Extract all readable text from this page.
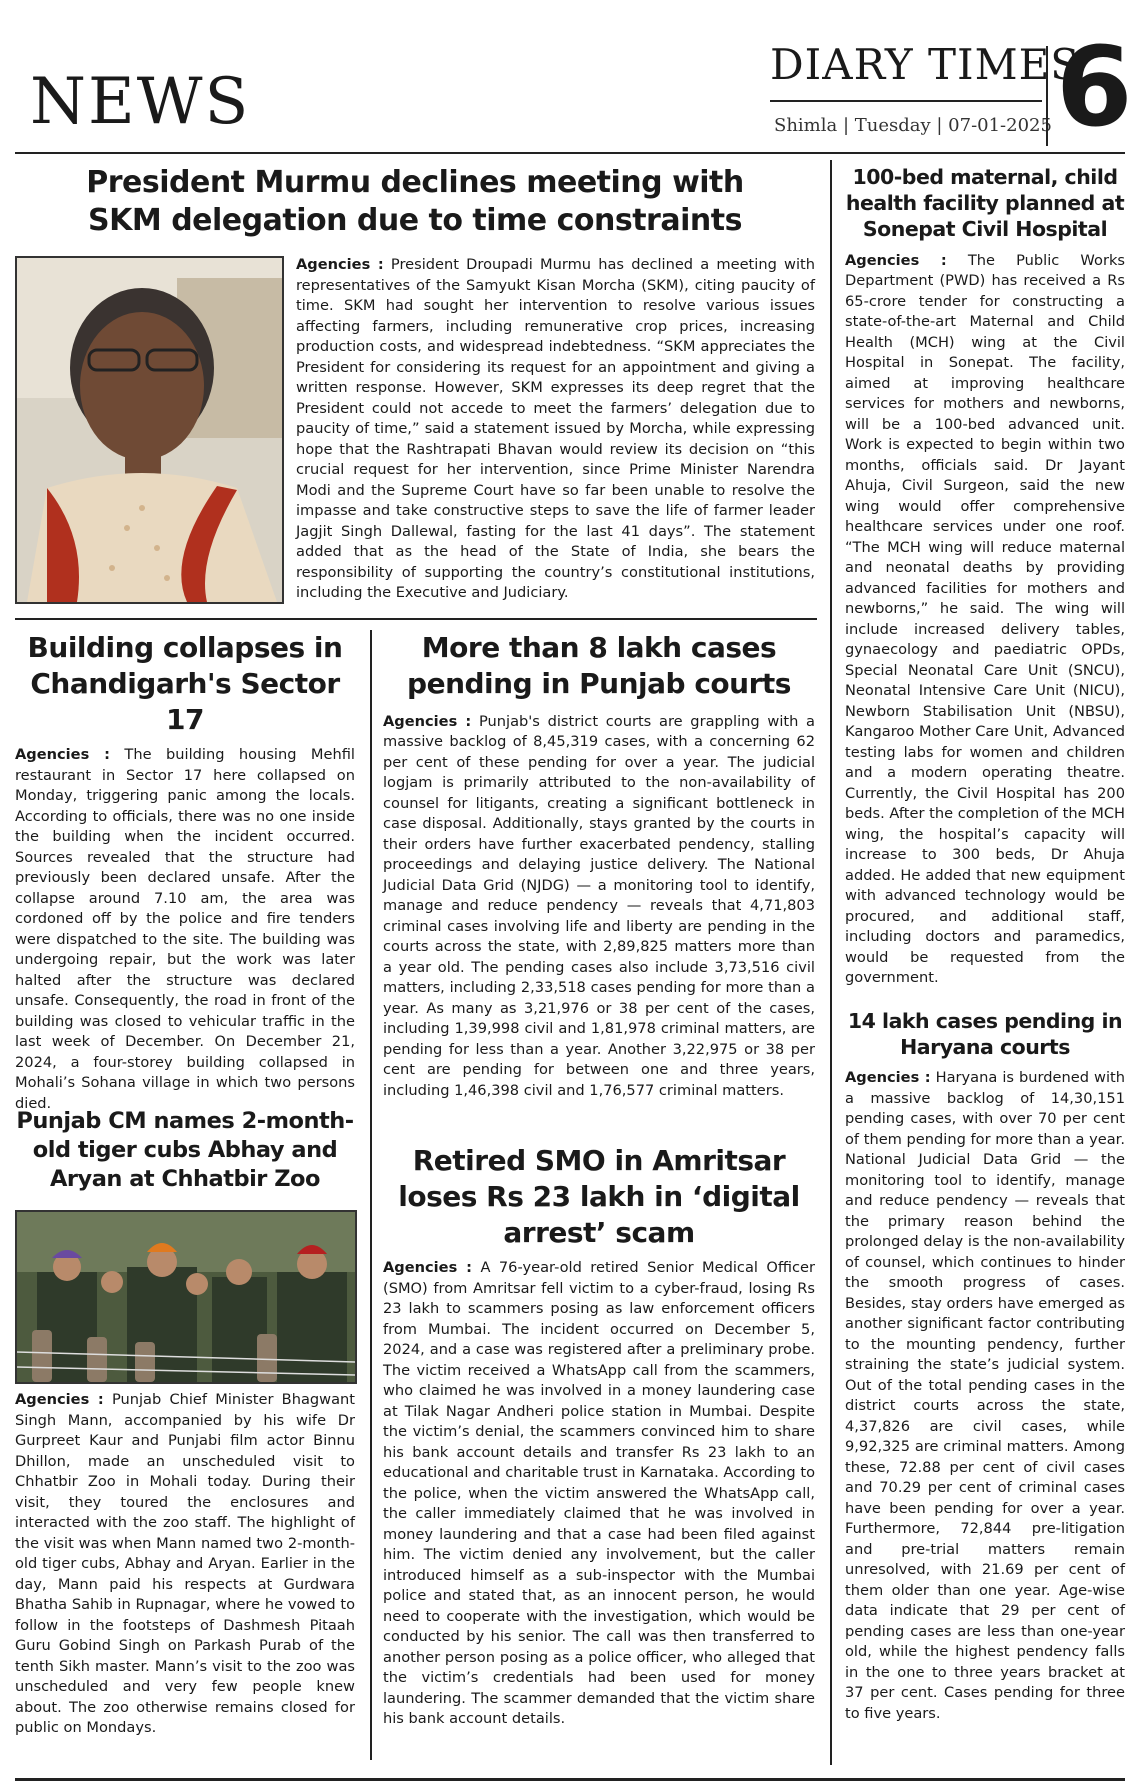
NEWS
DIARY TIMES
Shimla | Tuesday | 07-01-2025 6
President Murmu declines meeting with SKM delegation due to time constraints

Agencies : President Droupadi Murmu has declined a meeting with representatives of the Samyukt Kisan Morcha (SKM), citing paucity of time. SKM had sought her intervention to resolve various issues affecting farmers, including remunerative crop prices, increasing production costs, and widespread indebtedness. “SKM appreciates the President for considering its request for an appointment and giving a written response. However, SKM expresses its deep regret that the President could not accede to meet the farmers’ delegation due to paucity of time,” said a statement issued by Morcha, while expressing hope that the Rashtrapati Bhavan would review its decision on “this crucial request for her intervention, since Prime Minister Narendra Modi and the Supreme Court have so far been unable to resolve the impasse and take constructive steps to save the life of farmer leader Jagjit Singh Dallewal, fasting for the last 41 days”. The statement added that as the head of the State of India, she bears the responsibility of supporting the country’s constitutional institutions, including the Executive and Judiciary.

Building collapses in Chandigarh's Sector 17

Agencies : The building housing Mehfil restaurant in Sector 17 here collapsed on Monday, triggering panic among the locals. According to officials, there was no one inside the building when the incident occurred. Sources revealed that the structure had previously been declared unsafe. After the collapse around 7.10 am, the area was cordoned off by the police and fire tenders were dispatched to the site. The building was undergoing repair, but the work was later halted after the structure was declared unsafe. Consequently, the road in front of the building was closed to vehicular traffic in the last week of December. On December 21, 2024, a four-storey building collapsed in Mohali’s Sohana village in which two persons died.

More than 8 lakh cases pending in Punjab courts

Agencies : Punjab's district courts are grappling with a massive backlog of 8,45,319 cases, with a concerning 62 per cent of these pending for over a year. The judicial logjam is primarily attributed to the non-availability of counsel for litigants, creating a significant bottleneck in case disposal. Additionally, stays granted by the courts in their orders have further exacerbated pendency, stalling proceedings and delaying justice delivery. The National Judicial Data Grid (NJDG) — a monitoring tool to identify, manage and reduce pendency — reveals that 4,71,803 criminal cases involving life and liberty are pending in the courts across the state, with 2,89,825 matters more than a year old. The pending cases also include 3,73,516 civil matters, including 2,33,518 cases pending for more than a year. As many as 3,21,976 or 38 per cent of the cases, including 1,39,998 civil and 1,81,978 criminal matters, are pending for less than a year. Another 3,22,975 or 38 per cent are pending for between one and three years, including 1,46,398 civil and 1,76,577 criminal matters.

Punjab CM names 2-month-old tiger cubs Abhay and Aryan at Chhatbir Zoo

Agencies : Punjab Chief Minister Bhagwant Singh Mann, accompanied by his wife Dr Gurpreet Kaur and Punjabi film actor Binnu Dhillon, made an unscheduled visit to Chhatbir Zoo in Mohali today. During their visit, they toured the enclosures and interacted with the zoo staff. The highlight of the visit was when Mann named two 2-month-old tiger cubs, Abhay and Aryan. Earlier in the day, Mann paid his respects at Gurdwara Bhatha Sahib in Rupnagar, where he vowed to follow in the footsteps of Dashmesh Pitaah Guru Gobind Singh on Parkash Purab of the tenth Sikh master. Mann’s visit to the zoo was unscheduled and very few people knew about. The zoo otherwise remains closed for public on Mondays.

Retired SMO in Amritsar loses Rs 23 lakh in ‘digital arrest’ scam

Agencies : A 76-year-old retired Senior Medical Officer (SMO) from Amritsar fell victim to a cyber-fraud, losing Rs 23 lakh to scammers posing as law enforcement officers from Mumbai. The incident occurred on December 5, 2024, and a case was registered after a preliminary probe. The victim received a WhatsApp call from the scammers, who claimed he was involved in a money laundering case at Tilak Nagar Andheri police station in Mumbai. Despite the victim’s denial, the scammers convinced him to share his bank account details and transfer Rs 23 lakh to an educational and charitable trust in Karnataka. According to the police, when the victim answered the WhatsApp call, the caller immediately claimed that he was involved in money laundering and that a case had been filed against him. The victim denied any involvement, but the caller introduced himself as a sub-inspector with the Mumbai police and stated that, as an innocent person, he would need to cooperate with the investigation, which would be conducted by his senior. The call was then transferred to another person posing as a police officer, who alleged that the victim’s credentials had been used for money laundering. The scammer demanded that the victim share his bank account details.

100-bed maternal, child health facility planned at Sonepat Civil Hospital

Agencies : The Public Works Department (PWD) has received a Rs 65-crore tender for constructing a state-of-the-art Maternal and Child Health (MCH) wing at the Civil Hospital in Sonepat. The facility, aimed at improving healthcare services for mothers and newborns, will be a 100-bed advanced unit. Work is expected to begin within two months, officials said. Dr Jayant Ahuja, Civil Surgeon, said the new wing would offer comprehensive healthcare services under one roof. “The MCH wing will reduce maternal and neonatal deaths by providing advanced facilities for mothers and newborns,” he said. The wing will include increased delivery tables, gynaecology and paediatric OPDs, Special Neonatal Care Unit (SNCU), Neonatal Intensive Care Unit (NICU), Newborn Stabilisation Unit (NBSU), Kangaroo Mother Care Unit, Advanced testing labs for women and children and a modern operating theatre. Currently, the Civil Hospital has 200 beds. After the completion of the MCH wing, the hospital’s capacity will increase to 300 beds, Dr Ahuja added. He added that new equipment with advanced technology would be procured, and additional staff, including doctors and paramedics, would be requested from the government.

14 lakh cases pending in Haryana courts

Agencies : Haryana is burdened with a massive backlog of 14,30,151 pending cases, with over 70 per cent of them pending for more than a year. National Judicial Data Grid — the monitoring tool to identify, manage and reduce pendency — reveals that the primary reason behind the prolonged delay is the non-availability of counsel, which continues to hinder the smooth progress of cases. Besides, stay orders have emerged as another significant factor contributing to the mounting pendency, further straining the state’s judicial system. Out of the total pending cases in the district courts across the state, 4,37,826 are civil cases, while 9,92,325 are criminal matters. Among these, 72.88 per cent of civil cases and 70.29 per cent of criminal cases have been pending for over a year. Furthermore, 72,844 pre-litigation and pre-trial matters remain unresolved, with 21.69 per cent of them older than one year. Age-wise data indicate that 29 per cent of pending cases are less than one-year old, while the highest pendency falls in the one to three years bracket at 37 per cent. Cases pending for three to five years.
